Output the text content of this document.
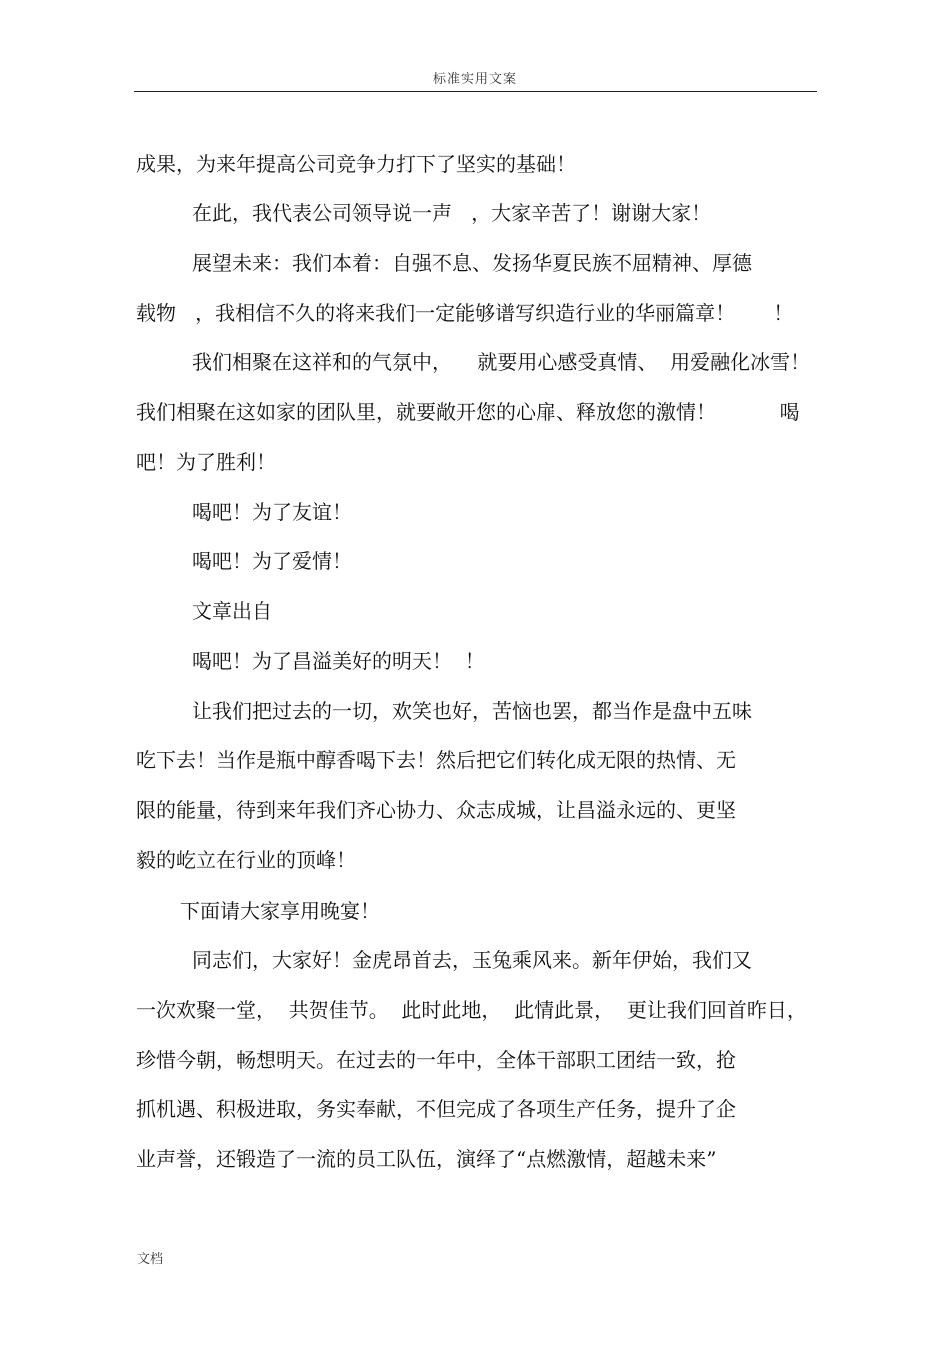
标准实用文案
成果，为来年提高公司竞争力打下了坚实的基础！
在此，我代表公司领导说一声   ，大家辛苦了！谢谢大家！
展望未来：我们本着：自强不息、发扬华夏民族不屈精神、厚德
载物   ，我相信不久的将来我们一定能够谱写织造行业的华丽篇章！      ！
我们相聚在这祥和的气氛中，    就要用心感受真情、  用爱融化冰雪！
我们相聚在这如家的团队里，就要敞开您的心扉、释放您的激情！          喝
吧！为了胜利！
喝吧！为了友谊！
喝吧！为了爱情！
文章出自
喝吧！为了昌溢美好的明天！  ！
让我们把过去的一切，欢笑也好，苦恼也罢，都当作是盘中五味
吃下去！当作是瓶中醇香喝下去！然后把它们转化成无限的热情、无
限的能量，待到来年我们齐心协力、众志成城，让昌溢永远的、更坚
毅的屹立在行业的顶峰！
下面请大家享用晚宴！
同志们，大家好！金虎昂首去，玉兔乘风来。新年伊始，我们又
一次欢聚一堂，  共贺佳节。  此时此地，  此情此景，  更让我们回首昨日，
珍惜今朝，畅想明天。在过去的一年中，全体干部职工团结一致，抢
抓机遇、积极进取，务实奉献，不但完成了各项生产任务，提升了企
业声誉，还锻造了一流的员工队伍，演绎了“点燃激情，超越未来”
文档
